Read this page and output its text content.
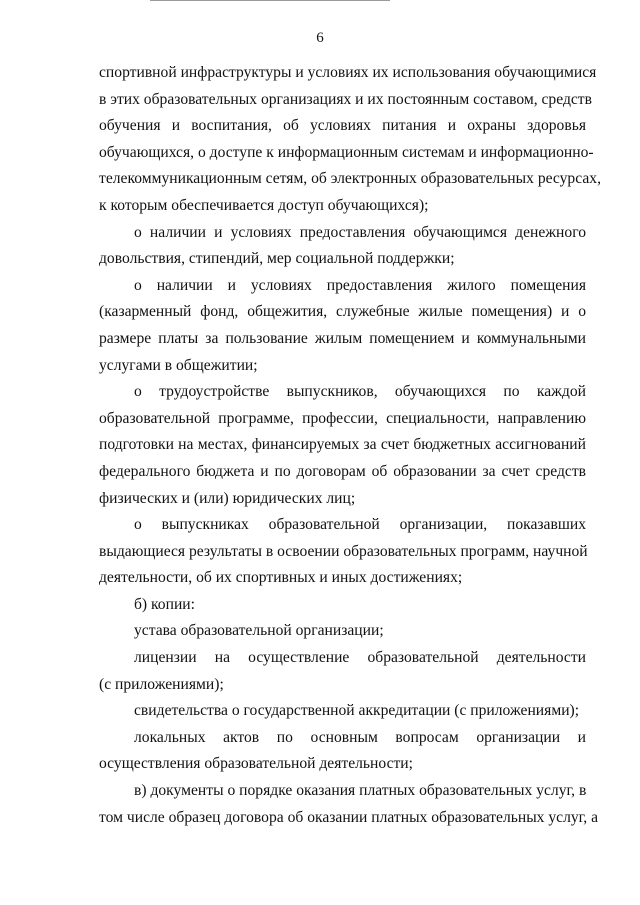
6
спортивной инфраструктуры и условиях их использования обучающимися
в этих образовательных организациях и их постоянным составом, средств
обучения и воспитания, об условиях питания и охраны здоровья
обучающихся, о доступе к информационным системам и информационно-
телекоммуникационным сетям, об электронных образовательных ресурсах,
к которым обеспечивается доступ обучающихся);
о наличии и условиях предоставления обучающимся денежного
довольствия, стипендий, мер социальной поддержки;
о наличии и условиях предоставления жилого помещения
(казарменный фонд, общежития, служебные жилые помещения) и о
размере платы за пользование жилым помещением и коммунальными
услугами в общежитии;
о трудоустройстве выпускников, обучающихся по каждой
образовательной программе, профессии, специальности, направлению
подготовки на местах, финансируемых за счет бюджетных ассигнований
федерального бюджета и по договорам об образовании за счет средств
физических и (или) юридических лиц;
о выпускниках образовательной организации, показавших
выдающиеся результаты в освоении образовательных программ, научной
деятельности, об их спортивных и иных достижениях;
б) копии:
устава образовательной организации;
лицензии на осуществление образовательной деятельности
(с приложениями);
свидетельства о государственной аккредитации (с приложениями);
локальных актов по основным вопросам организации и
осуществления образовательной деятельности;
в) документы о порядке оказания платных образовательных услуг, в
том числе образец договора об оказании платных образовательных услуг, а
